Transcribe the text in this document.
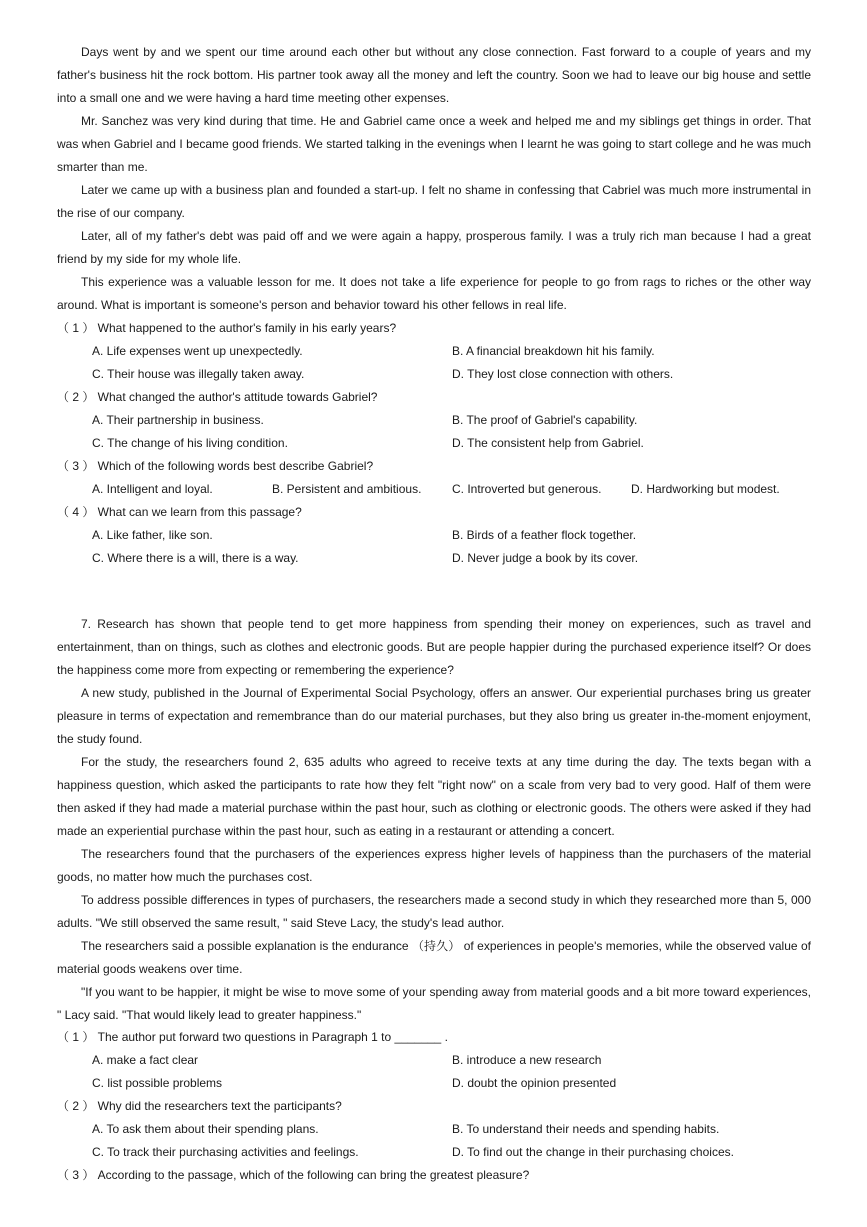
Days went by and we spent our time around each other but without any close connection. Fast forward to a couple of years and my father's business hit the rock bottom. His partner took away all the money and left the country. Soon we had to leave our big house and settle into a small one and we were having a hard time meeting other expenses.

Mr. Sanchez was very kind during that time. He and Gabriel came once a week and helped me and my siblings get things in order. That was when Gabriel and I became good friends. We started talking in the evenings when I learnt he was going to start college and he was much smarter than me.

Later we came up with a business plan and founded a start-up. I felt no shame in confessing that Cabriel was much more instrumental in the rise of our company.

Later, all of my father's debt was paid off and we were again a happy, prosperous family. I was a truly rich man because I had a great friend by my side for my whole life.

This experience was a valuable lesson for me. It does not take a life experience for people to go from rags to riches or the other way around. What is important is someone's person and behavior toward his other fellows in real life.

（ 1 ） What happened to the author's family in his early years?
A. Life expenses went up unexpectedly.	B. A financial breakdown hit his family.
C. Their house was illegally taken away.	D. They lost close connection with others.
（ 2 ） What changed the author's attitude towards Gabriel?
A. Their partnership in business.	B. The proof of Gabriel's capability.
C. The change of his living condition.	D. The consistent help from Gabriel.
（ 3 ） Which of the following words best describe Gabriel?
A. Intelligent and loyal.	B. Persistent and ambitious.	C. Introverted but generous. D. Hardworking but modest.
（ 4 ） What can we learn from this passage?
A. Like father, like son.	B. Birds of a feather flock together.
C. Where there is a will, there is a way.	D. Never judge a book by its cover.

7. Research has shown that people tend to get more happiness from spending their money on experiences, such as travel and entertainment, than on things, such as clothes and electronic goods. But are people happier during the purchased experience itself? Or does the happiness come more from expecting or remembering the experience?

A new study, published in the Journal of Experimental Social Psychology, offers an answer. Our experiential purchases bring us greater pleasure in terms of expectation and remembrance than do our material purchases, but they also bring us greater in-the-moment enjoyment, the study found.

For the study, the researchers found 2, 635 adults who agreed to receive texts at any time during the day. The texts began with a happiness question, which asked the participants to rate how they felt "right now" on a scale from very bad to very good. Half of them were then asked if they had made a material purchase within the past hour, such as clothing or electronic goods. The others were asked if they had made an experiential purchase within the past hour, such as eating in a restaurant or attending a concert.

The researchers found that the purchasers of the experiences express higher levels of happiness than the purchasers of the material goods, no matter how much the purchases cost.

To address possible differences in types of purchasers, the researchers made a second study in which they researched more than 5, 000 adults. "We still observed the same result, " said Steve Lacy, the study's lead author.

The researchers said a possible explanation is the endurance （持久） of experiences in people's memories, while the observed value of material goods weakens over time.

"If you want to be happier, it might be wise to move some of your spending away from material goods and a bit more toward experiences, " Lacy said. "That would likely lead to greater happiness."

（ 1 ） The author put forward two questions in Paragraph 1 to _______ .
A. make a fact clear	B. introduce a new research
C. list possible problems	D. doubt the opinion presented
（ 2 ） Why did the researchers text the participants?
A. To ask them about their spending plans.	B. To understand their needs and spending habits.
C. To track their purchasing activities and feelings.	D. To find out the change in their purchasing choices.
（ 3 ） According to the passage, which of the following can bring the greatest pleasure?
